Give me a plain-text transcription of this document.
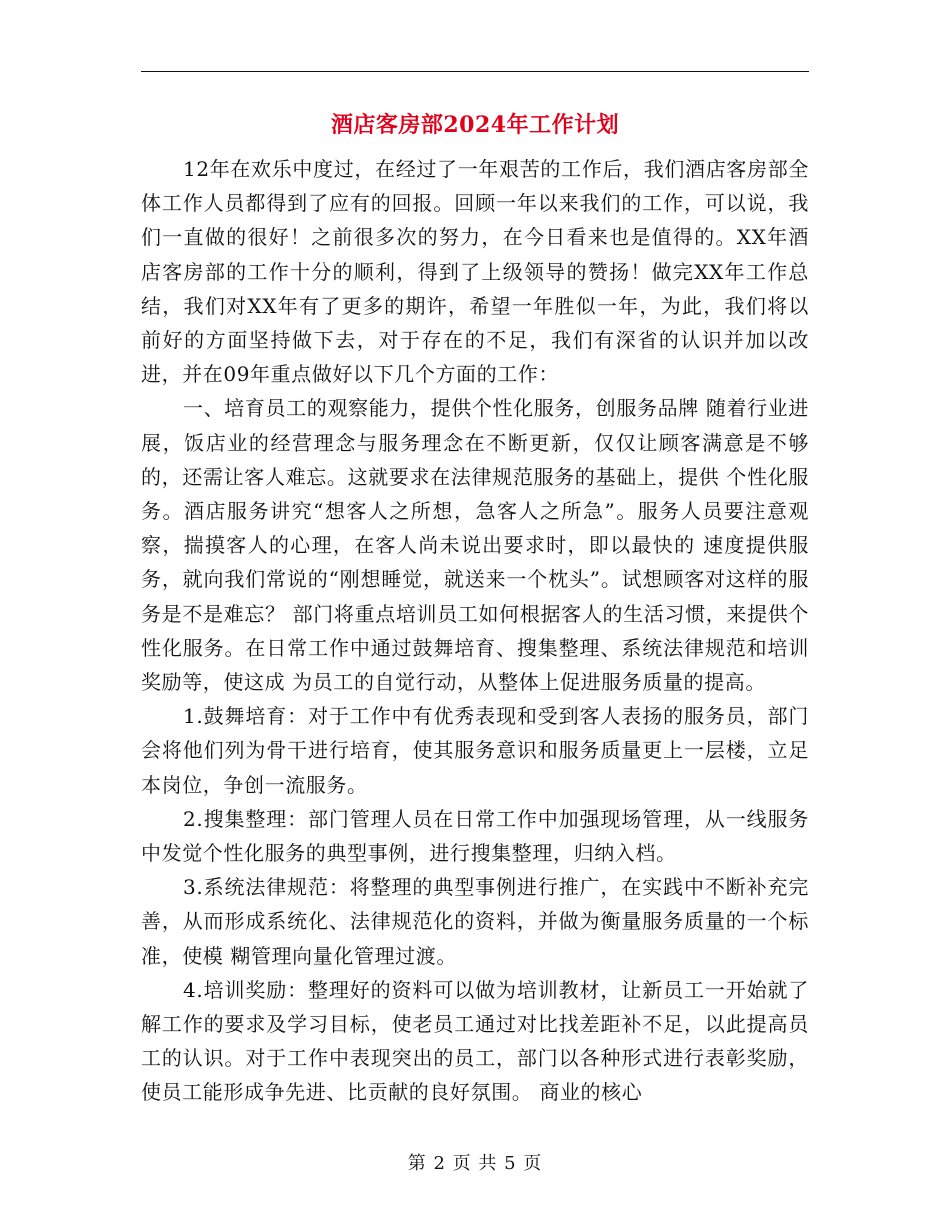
酒店客房部2024年工作计划

12年在欢乐中度过，在经过了一年艰苦的工作后，我们酒店客房部全体工作人员都得到了应有的回报。回顾一年以来我们的工作，可以说，我们一直做的很好！之前很多次的努力，在今日看来也是值得的。XX年酒店客房部的工作十分的顺利，得到了上级领导的赞扬！做完XX年工作总结，我们对XX年有了更多的期许，希望一年胜似一年，为此，我们将以前好的方面坚持做下去，对于存在的不足，我们有深省的认识并加以改进，并在09年重点做好以下几个方面的工作：

一、培育员工的观察能力，提供个性化服务，创服务品牌 随着行业进展，饭店业的经营理念与服务理念在不断更新，仅仅让顾客满意是不够的，还需让客人难忘。这就要求在法律规范服务的基础上，提供 个性化服务。酒店服务讲究“想客人之所想，急客人之所急”。服务人员要注意观察，揣摸客人的心理，在客人尚未说出要求时，即以最快的 速度提供服务，就向我们常说的“刚想睡觉，就送来一个枕头”。试想顾客对这样的服务是不是难忘？ 部门将重点培训员工如何根据客人的生活习惯，来提供个性化服务。在日常工作中通过鼓舞培育、搜集整理、系统法律规范和培训奖励等，使这成 为员工的自觉行动，从整体上促进服务质量的提高。

1.鼓舞培育：对于工作中有优秀表现和受到客人表扬的服务员，部门会将他们列为骨干进行培育，使其服务意识和服务质量更上一层楼，立足 本岗位，争创一流服务。

2.搜集整理：部门管理人员在日常工作中加强现场管理，从一线服务中发觉个性化服务的典型事例，进行搜集整理，归纳入档。

3.系统法律规范：将整理的典型事例进行推广，在实践中不断补充完善，从而形成系统化、法律规范化的资料，并做为衡量服务质量的一个标准，使模 糊管理向量化管理过渡。

4.培训奖励：整理好的资料可以做为培训教材，让新员工一开始就了解工作的要求及学习目标，使老员工通过对比找差距补不足，以此提高员 工的认识。对于工作中表现突出的员工，部门以各种形式进行表彰奖励，使员工能形成争先进、比贡献的良好氛围。 商业的核心

第 2 页 共 5 页
